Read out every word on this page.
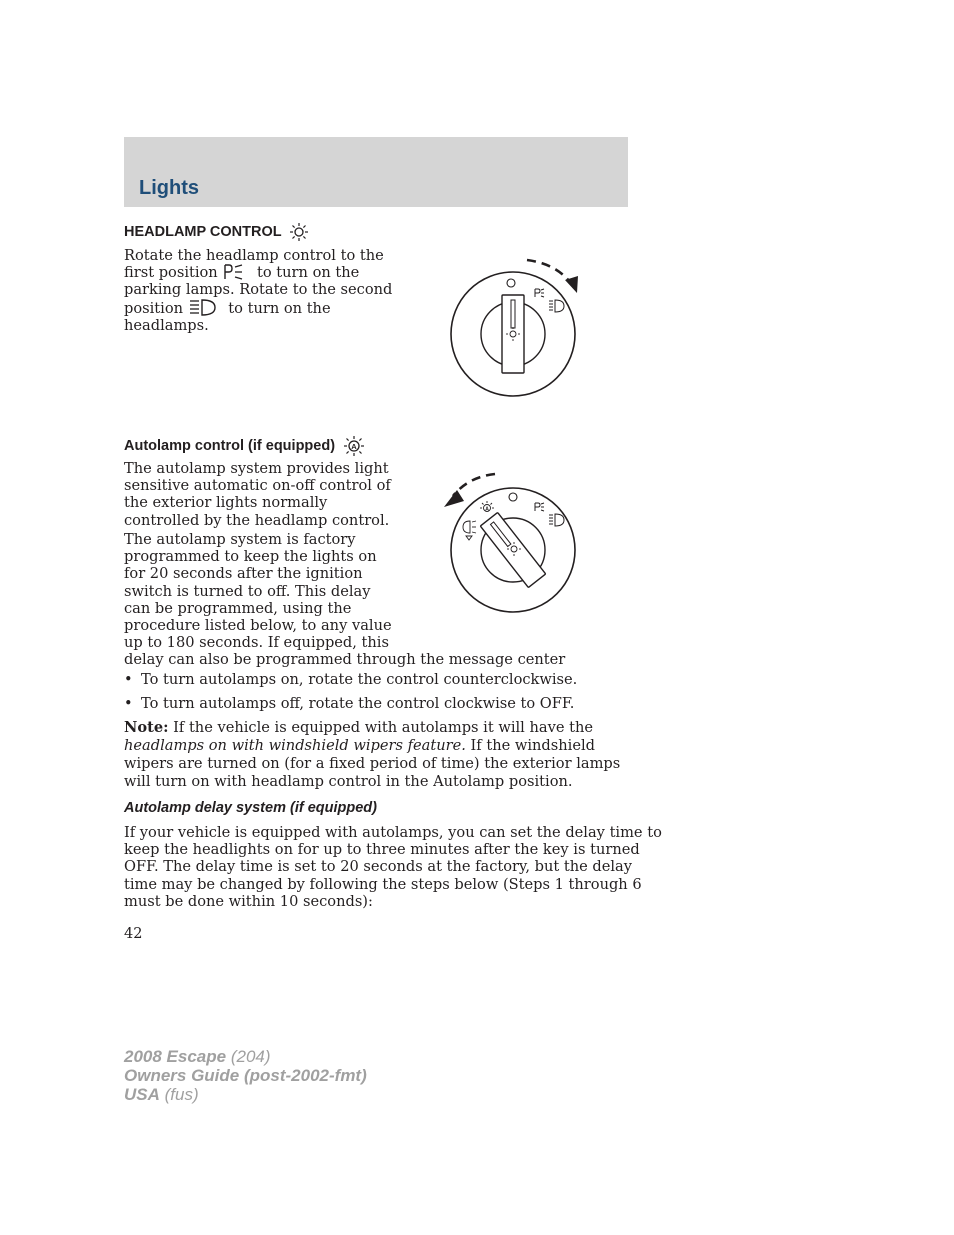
Lights
HEADLAMP CONTROL
Rotate the headlamp control to the
first position	to turn on the
parking lamps. Rotate to the second
position	to turn on the
headlamps.
Autolamp control (if equipped) A
The autolamp system provides light
sensitive automatic on-off control of
the exterior lights normally
controlled by the headlamp control.
The autolamp system is factory
programmed to keep the lights on
for 20 seconds after the ignition
switch is turned to off. This delay
can be programmed, using the
procedure listed below, to any value
up to 180 seconds. If equipped, this
delay can also be programmed through the message center
A
• To turn autolamps on, rotate the control counterclockwise.
• To turn autolamps off, rotate the control clockwise to OFF.
Note: If the vehicle is equipped with autolamps it will have the headlamps on with windshield wipers feature. If the windshield wipers are turned on (for a fixed period of time) the exterior lamps will turn on with headlamp control in the Autolamp position.
Autolamp delay system (if equipped)
If your vehicle is equipped with autolamps, you can set the delay time to
keep the headlights on for up to three minutes after the key is turned
OFF. The delay time is set to 20 seconds at the factory, but the delay
time may be changed by following the steps below (Steps 1 through 6
must be done within 10 seconds):
42
2008 Escape (204)
Owners Guide (post-2002-fmt)
USA (fus)
